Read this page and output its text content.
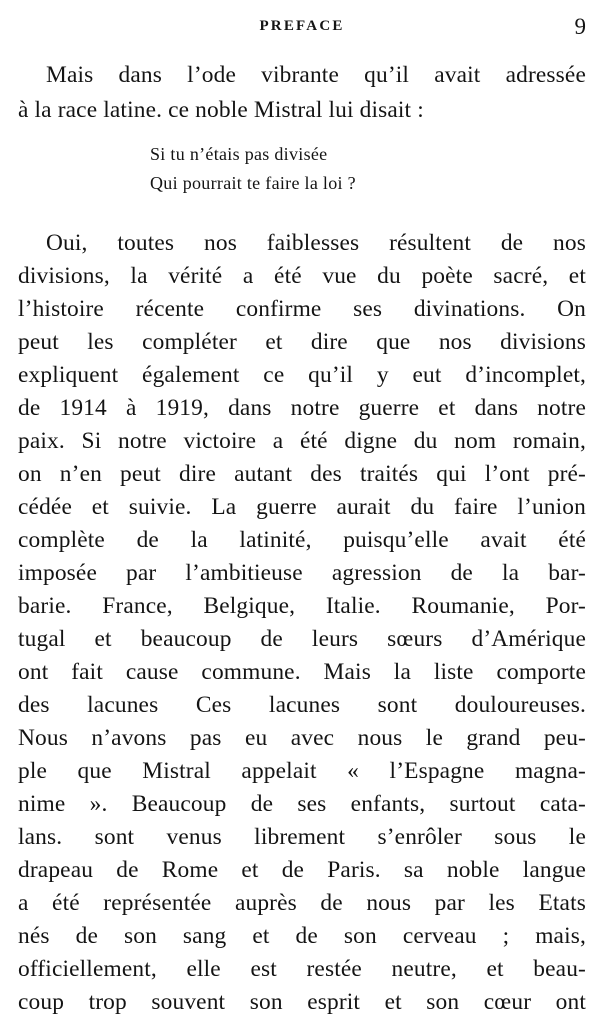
PREFACE	9
Mais dans l’ode vibrante qu’il avait adressée
à la race latine. ce noble Mistral lui disait :
Si tu n’étais pas divisée
Qui pourrait te faire la loi ?
Oui, toutes nos faiblesses résultent de nos
divisions, la vérité a été vue du poète sacré, et
l’histoire récente confirme ses divinations. On
peut les compléter et dire que nos divisions
expliquent également ce qu’il y eut d’incomplet,
de 1914 à 1919, dans notre guerre et dans notre
paix. Si notre victoire a été digne du nom romain,
on n’en peut dire autant des traités qui l’ont pré-
cédée et suivie. La guerre aurait du faire l’union
complète de la latinité, puisqu’elle avait été
imposée par l’ambitieuse agression de la bar-
barie. France, Belgique, Italie. Roumanie, Por-
tugal et beaucoup de leurs sœurs d’Amérique
ont fait cause commune. Mais la liste comporte
des lacunes Ces lacunes sont douloureuses.
Nous n’avons pas eu avec nous le grand peu-
ple que Mistral appelait « l’Espagne magna-
nime ». Beaucoup de ses enfants, surtout cata-
lans. sont venus librement s’enrôler sous le
drapeau de Rome et de Paris. sa noble langue
a été représentée auprès de nous par les Etats
nés de son sang et de son cerveau ; mais,
officiellement, elle est restée neutre, et beau-
coup trop souvent son esprit et son cœur ont
